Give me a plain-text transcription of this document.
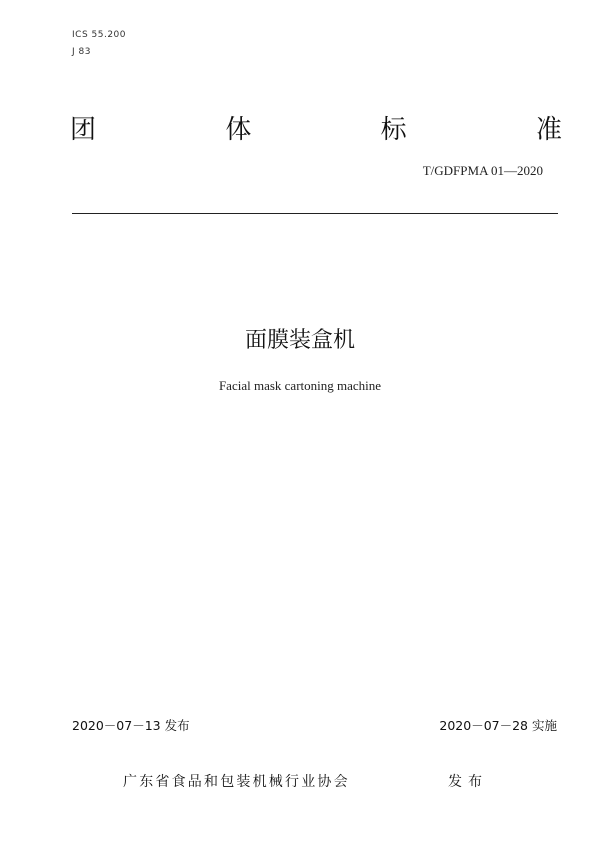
ICS 55.200
J 83
团	体	标	准
T/GDFPMA 01—2020
面膜装盒机
Facial mask cartoning machine
2020－07－13 发布	2020－07－28 实施
广东省食品和包装机械行业协会	发布
